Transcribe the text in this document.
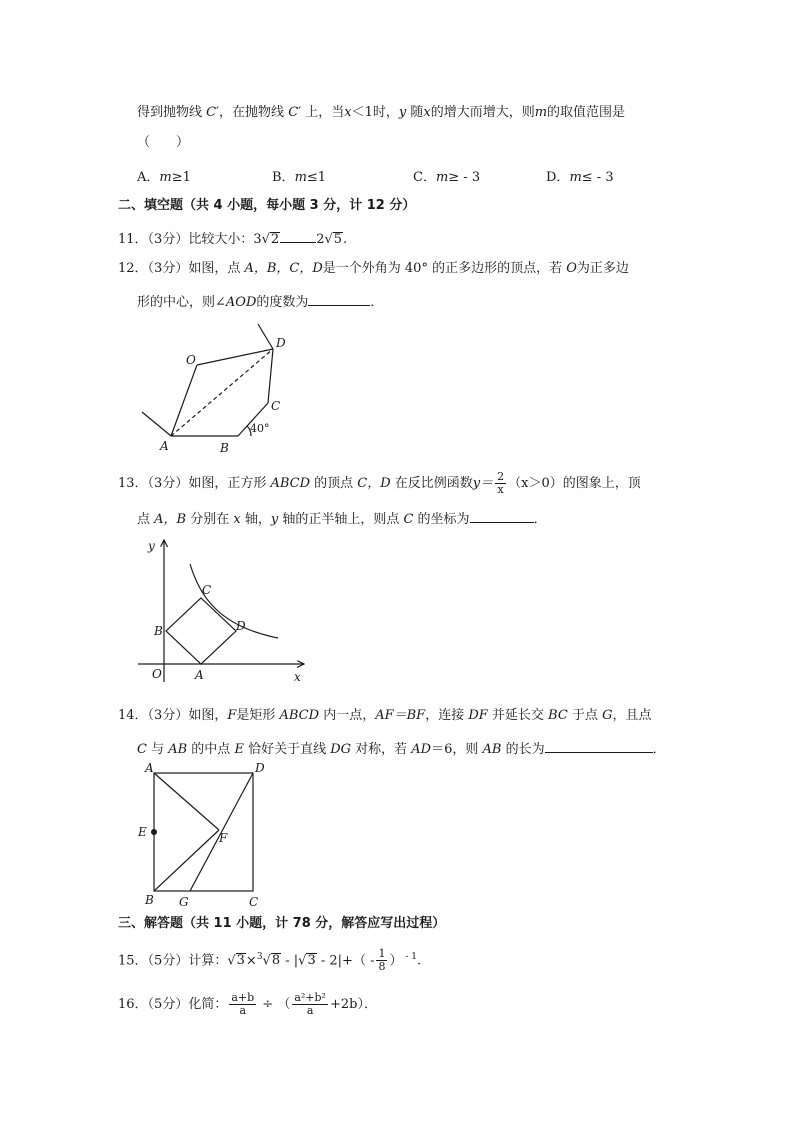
得到抛物线 C′，在抛物线 C′ 上，当x＜1时，y 随x的增大而增大，则m的取值范围是
（　　）
A．m≥1	B．m≤1	C．m≥ - 3	D．m≤ - 3
二、填空题（共 4 小题，每小题 3 分，计 12 分）
11．（3分）比较大小：3√2	2√5.
12．（3分）如图，点 A，B，C，D是一个外角为 40° 的正多边形的顶点，若 O为正多边
形的中心，则∠AOD的度数为	．
O
D
C
A	B
40°
13．（3分）如图，正方形 ABCD 的顶点 C，D 在反比例函数$y= \frac{2}{x} (x>0)$的图象上，顶
点 A，B 分别在 x 轴，y 轴的正半轴上，则点 C 的坐标为	．
y
x
O	A
B
C
D
14．（3分）如图，F是矩形 ABCD 内一点，AF＝BF，连接 DF 并延长交 BC 于点 G，且点
C 与 AB 的中点 E 恰好关于直线 DG 对称，若 AD＝6，则 AB 的长为	．
A	D
E	F
B G	C
三、解答题（共 11 小题，计 78 分，解答应写出过程）
15．（5分）计算：$√3\times^3√8 - |√3 - 2|+( - \frac{1}{8}$ ） $^{- 1}$.
16．（5分）化简： $\frac{a+b}{a}$ ÷ （ $\frac{\text{a²+b²}}{a} +2b$）．
